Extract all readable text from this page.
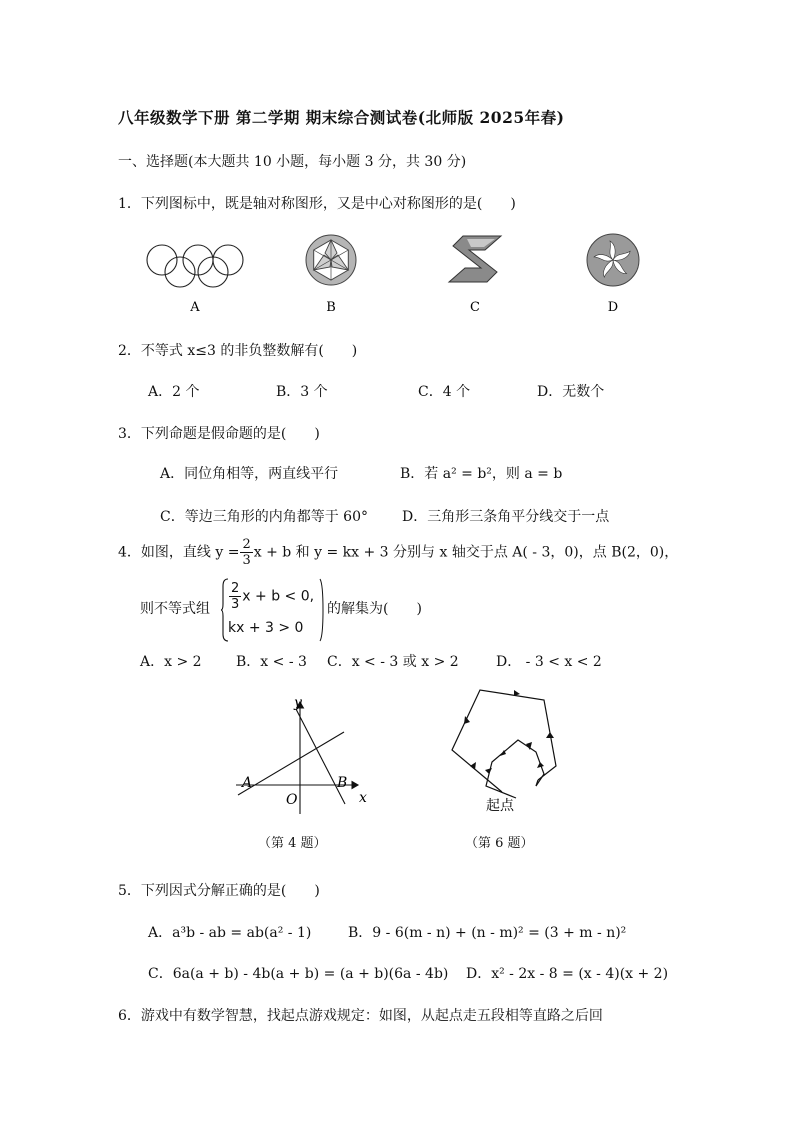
八年级数学下册 第二学期 期末综合测试卷(北师版 2025年春)
一、选择题(本大题共 10 小题，每小题 3 分，共 30 分)
1．下列图标中，既是轴对称图形，又是中心对称图形的是(　　)
A	B	C	D
2．不等式 x≤3 的非负整数解有(　　)
A．2 个	B．3 个	C．4 个	D．无数个
3．下列命题是假命题的是(　　)
A．同位角相等，两直线平行	B．若 a² = b²，则 a = b
C．等边三角形的内角都等于 60° D．三角形三条角平分线交于一点
4．如图，直线 $y = \frac{2}{3}$ x + b 和 y = kx + 3 分别与 x 轴交于点 A( - 3，0)，点 B(2，0)，
则不等式组 $\frac{2}{3}$ x + b < 0,
kx + 3 > 0
的解集为(　　)
A．x > 2 B．x < - 3 C．x < - 3 或 x > 2	D． - 3 < x < 2
y
x
A	B
O
（第 4 题）
起点
（第 6 题）
5．下列因式分解正确的是(　　)
A．a³b - ab = ab(a² - 1)	B．9 - 6(m - n) + (n - m)² = (3 + m - n)²
C．6a(a + b) - 4b(a + b) = (a + b)(6a - 4b) D．x² - 2x - 8 = (x - 4)(x + 2)
6．游戏中有数学智慧，找起点游戏规定：如图，从起点走五段相等直路之后回
